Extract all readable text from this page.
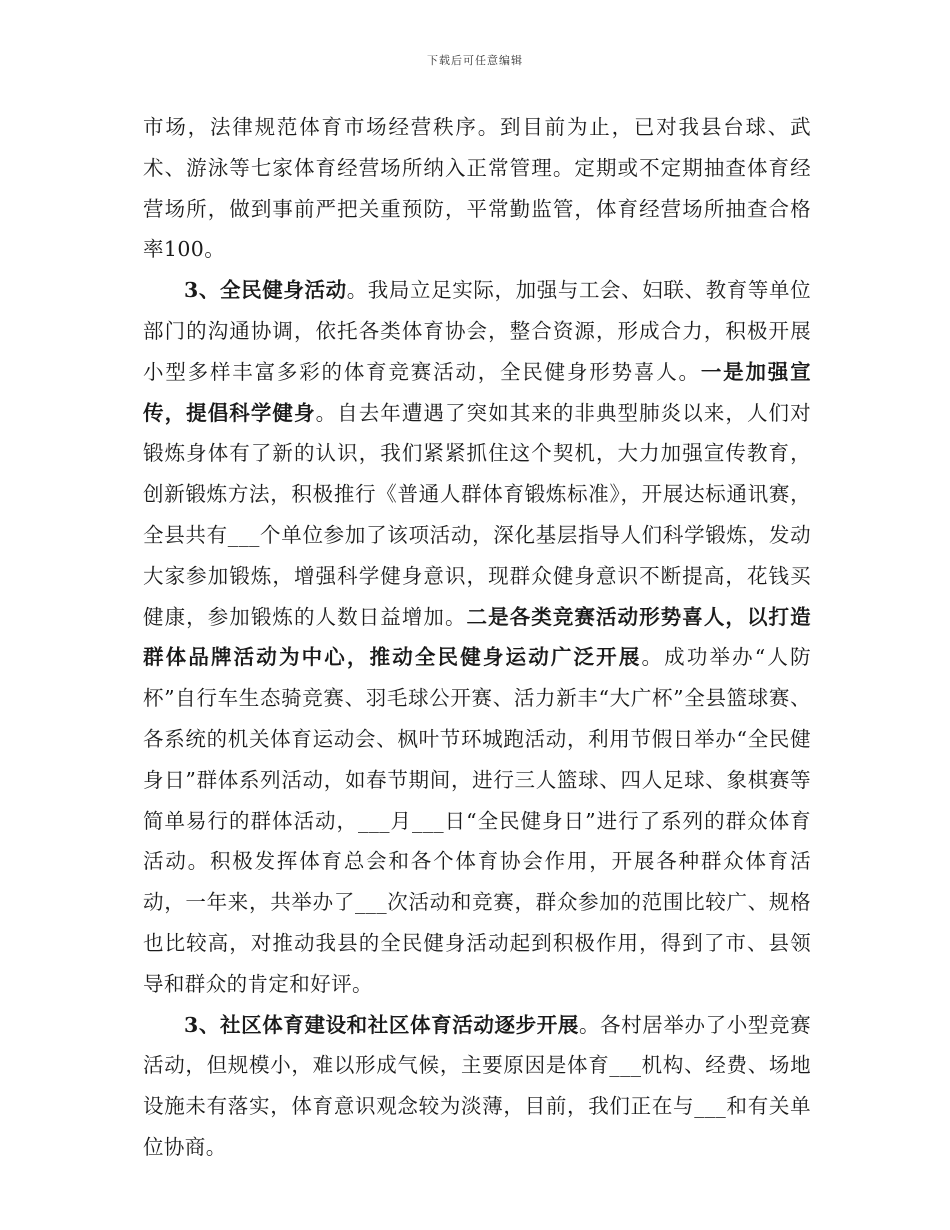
下载后可任意编辑

市场，法律规范体育市场经营秩序。到目前为止，已对我县台球、武术、游泳等七家体育经营场所纳入正常管理。定期或不定期抽查体育经营场所，做到事前严把关重预防，平常勤监管，体育经营场所抽查合格率100。

3、全民健身活动。我局立足实际，加强与工会、妇联、教育等单位部门的沟通协调，依托各类体育协会，整合资源，形成合力，积极开展小型多样丰富多彩的体育竞赛活动，全民健身形势喜人。一是加强宣传，提倡科学健身。自去年遭遇了突如其来的非典型肺炎以来，人们对锻炼身体有了新的认识，我们紧紧抓住这个契机，大力加强宣传教育，创新锻炼方法，积极推行《普通人群体育锻炼标准》，开展达标通讯赛，全县共有___个单位参加了该项活动，深化基层指导人们科学锻炼，发动大家参加锻炼，增强科学健身意识，现群众健身意识不断提高，花钱买健康，参加锻炼的人数日益增加。二是各类竞赛活动形势喜人，以打造群体品牌活动为中心，推动全民健身运动广泛开展。成功举办“人防杯”自行车生态骑竞赛、羽毛球公开赛、活力新丰“大广杯”全县篮球赛、各系统的机关体育运动会、枫叶节环城跑活动，利用节假日举办“全民健身日”群体系列活动，如春节期间，进行三人篮球、四人足球、象棋赛等简单易行的群体活动，___月___日“全民健身日”进行了系列的群众体育活动。积极发挥体育总会和各个体育协会作用，开展各种群众体育活动，一年来，共举办了___次活动和竞赛，群众参加的范围比较广、规格也比较高，对推动我县的全民健身活动起到积极作用，得到了市、县领导和群众的肯定和好评。

3、社区体育建设和社区体育活动逐步开展。各村居举办了小型竞赛活动，但规模小，难以形成气候，主要原因是体育___机构、经费、场地设施未有落实，体育意识观念较为淡薄，目前，我们正在与___和有关单位协商。
